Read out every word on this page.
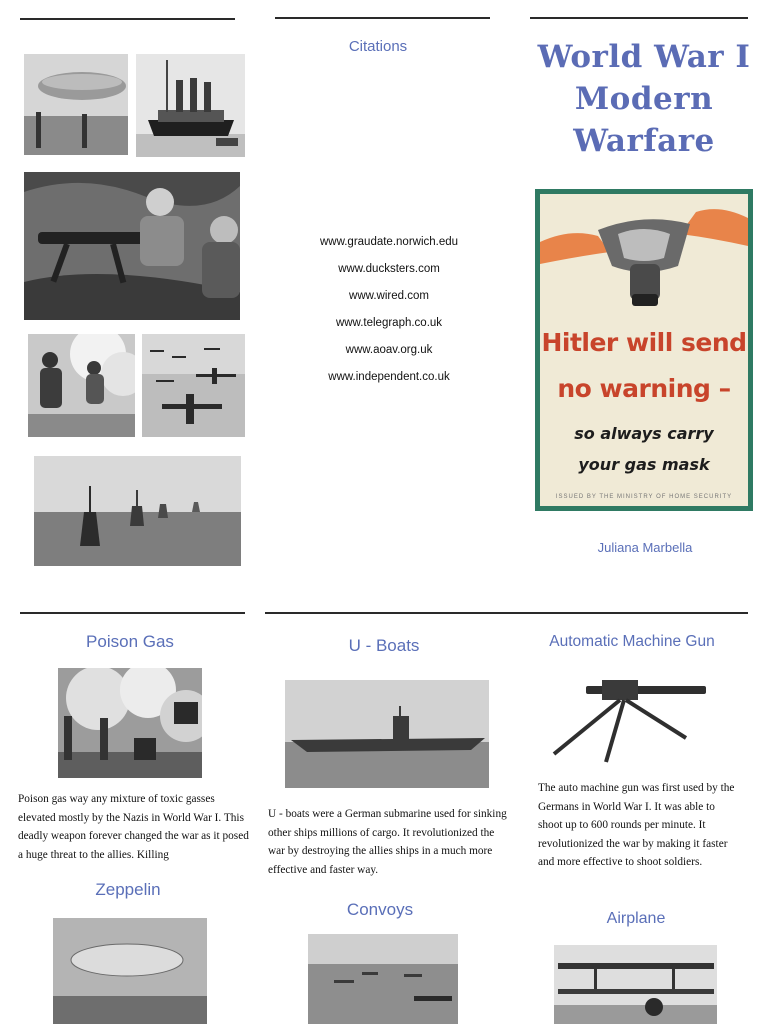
Citations
www.graudate.norwich.edu
www.ducksters.com
www.wired.com
www.telegraph.co.uk
www.aoav.org.uk
www.independent.co.uk
World War I
Modern
Warfare
Hitler will send
no warning –
so always carry
your gas mask
ISSUED BY THE MINISTRY OF HOME SECURITY
Juliana Marbella
Poison Gas
Poison gas way any mixture of toxic gasses elevated mostly by the Nazis in World War I. This deadly weapon forever changed the war as it posed a huge threat to the allies. Killing
U - Boats
U - boats were a German submarine used for sinking other ships millions of cargo. It revolutionized the war by destroying the allies ships in a much more effective and faster way.
Automatic Machine Gun
The auto machine gun was first used by the Germans in World War I. It was able to shoot up to 600 rounds per minute. It revolutionized the war by making it faster and more effective to shoot soldiers.
Zeppelin
Convoys	Airplane
